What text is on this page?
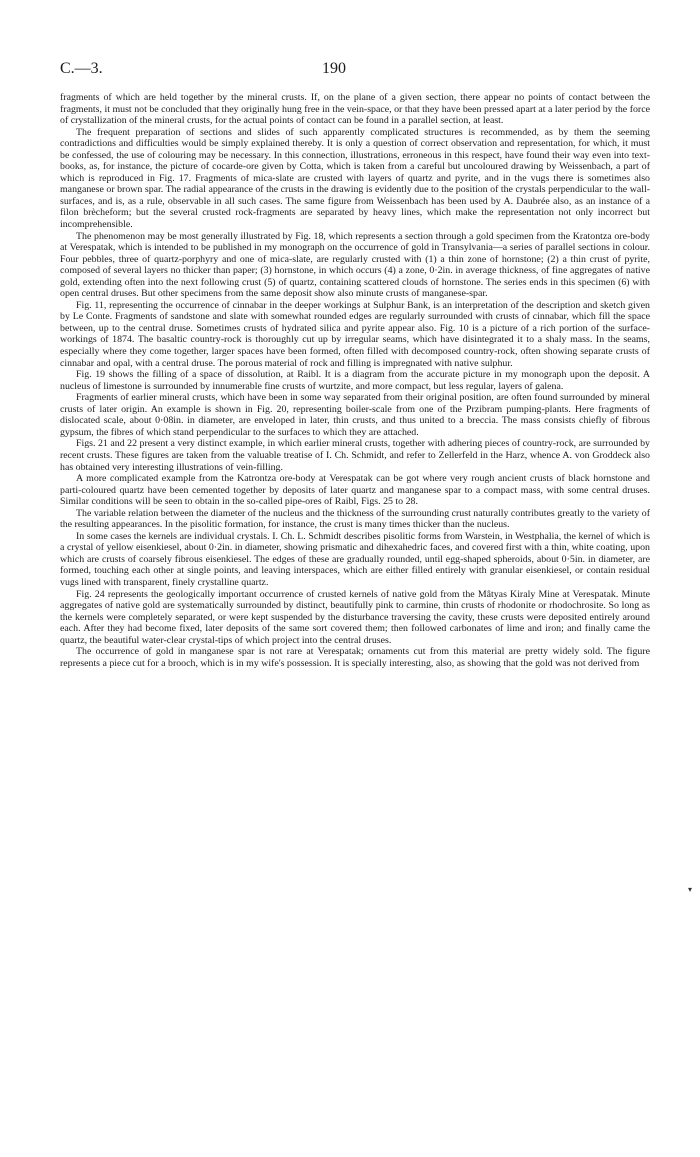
C.—3.	190

fragments of which are held together by the mineral crusts. If, on the plane of a given section, there appear no points of contact between the fragments, it must not be concluded that they originally hung free in the vein-space, or that they have been pressed apart at a later period by the force of crystallization of the mineral crusts, for the actual points of contact can be found in a parallel section, at least.

The frequent preparation of sections and slides of such apparently complicated structures is recommended, as by them the seeming contradictions and difficulties would be simply explained thereby. It is only a question of correct observation and representation, for which, it must be confessed, the use of colouring may be necessary. In this connection, illustrations, erroneous in this respect, have found their way even into text-books, as, for instance, the picture of cocarde-ore given by Cotta, which is taken from a careful but uncoloured drawing by Weissenbach, a part of which is reproduced in Fig. 17. Fragments of mica-slate are crusted with layers of quartz and pyrite, and in the vugs there is sometimes also manganese or brown spar. The radial appearance of the crusts in the drawing is evidently due to the position of the crystals perpendicular to the wall-surfaces, and is, as a rule, observable in all such cases. The same figure from Weissenbach has been used by A. Daubrée also, as an instance of a filon brècheform; but the several crusted rock-fragments are separated by heavy lines, which make the representation not only incorrect but incomprehensible.

The phenomenon may be most generally illustrated by Fig. 18, which represents a section through a gold specimen from the Kratontza ore-body at Verespatak, which is intended to be published in my monograph on the occurrence of gold in Transylvania—a series of parallel sections in colour. Four pebbles, three of quartz-porphyry and one of mica-slate, are regularly crusted with (1) a thin zone of hornstone; (2) a thin crust of pyrite, composed of several layers no thicker than paper; (3) hornstone, in which occurs (4) a zone, 0·2in. in average thickness, of fine aggregates of native gold, extending often into the next following crust (5) of quartz, containing scattered clouds of hornstone. The series ends in this specimen (6) with open central druses. But other specimens from the same deposit show also minute crusts of manganese-spar.

Fig. 11, representing the occurrence of cinnabar in the deeper workings at Sulphur Bank, is an interpretation of the description and sketch given by Le Conte. Fragments of sandstone and slate with somewhat rounded edges are regularly surrounded with crusts of cinnabar, which fill the space between, up to the central druse. Sometimes crusts of hydrated silica and pyrite appear also. Fig. 10 is a picture of a rich portion of the surface-workings of 1874. The basaltic country-rock is thoroughly cut up by irregular seams, which have disintegrated it to a shaly mass. In the seams, especially where they come together, larger spaces have been formed, often filled with decomposed country-rock, often showing separate crusts of cinnabar and opal, with a central druse. The porous material of rock and filling is impregnated with native sulphur.

Fig. 19 shows the filling of a space of dissolution, at Raibl. It is a diagram from the accurate picture in my monograph upon the deposit. A nucleus of limestone is surrounded by innumerable fine crusts of wurtzite, and more compact, but less regular, layers of galena.

Fragments of earlier mineral crusts, which have been in some way separated from their original position, are often found surrounded by mineral crusts of later origin. An example is shown in Fig. 20, representing boiler-scale from one of the Przibram pumping-plants. Here fragments of dislocated scale, about 0·08in. in diameter, are enveloped in later, thin crusts, and thus united to a breccia. The mass consists chiefly of fibrous gypsum, the fibres of which stand perpendicular to the surfaces to which they are attached.

Figs. 21 and 22 present a very distinct example, in which earlier mineral crusts, together with adhering pieces of country-rock, are surrounded by recent crusts. These figures are taken from the valuable treatise of I. Ch. Schmidt, and refer to Zellerfeld in the Harz, whence A. von Groddeck also has obtained very interesting illustrations of vein-filling.

A more complicated example from the Katrontza ore-body at Verespatak can be got where very rough ancient crusts of black hornstone and parti-coloured quartz have been cemented together by deposits of later quartz and manganese spar to a compact mass, with some central druses. Similar conditions will be seen to obtain in the so-called pipe-ores of Raibl, Figs. 25 to 28.

The variable relation between the diameter of the nucleus and the thickness of the surrounding crust naturally contributes greatly to the variety of the resulting appearances. In the pisolitic formation, for instance, the crust is many times thicker than the nucleus.

In some cases the kernels are individual crystals. I. Ch. L. Schmidt describes pisolitic forms from Warstein, in Westphalia, the kernel of which is a crystal of yellow eisenkiesel, about 0·2in. in diameter, showing prismatic and dihexahedric faces, and covered first with a thin, white coating, upon which are crusts of coarsely fibrous eisenkiesel. The edges of these are gradually rounded, until egg-shaped spheroids, about 0·5in. in diameter, are formed, touching each other at single points, and leaving interspaces, which are either filled entirely with granular eisenkiesel, or contain residual vugs lined with transparent, finely crystalline quartz.

Fig. 24 represents the geologically important occurrence of crusted kernels of native gold from the Mâtyas Kiraly Mine at Verespatak. Minute aggregates of native gold are systematically surrounded by distinct, beautifully pink to carmine, thin crusts of rhodonite or rhodochrosite. So long as the kernels were completely separated, or were kept suspended by the disturbance traversing the cavity, these crusts were deposited entirely around each. After they had become fixed, later deposits of the same sort covered them; then followed carbonates of lime and iron; and finally came the quartz, the beautiful water-clear crystal-tips of which project into the central druses.

The occurrence of gold in manganese spar is not rare at Verespatak; ornaments cut from this material are pretty widely sold. The figure represents a piece cut for a brooch, which is in my wife's possession. It is specially interesting, also, as showing that the gold was not derived from

▾
